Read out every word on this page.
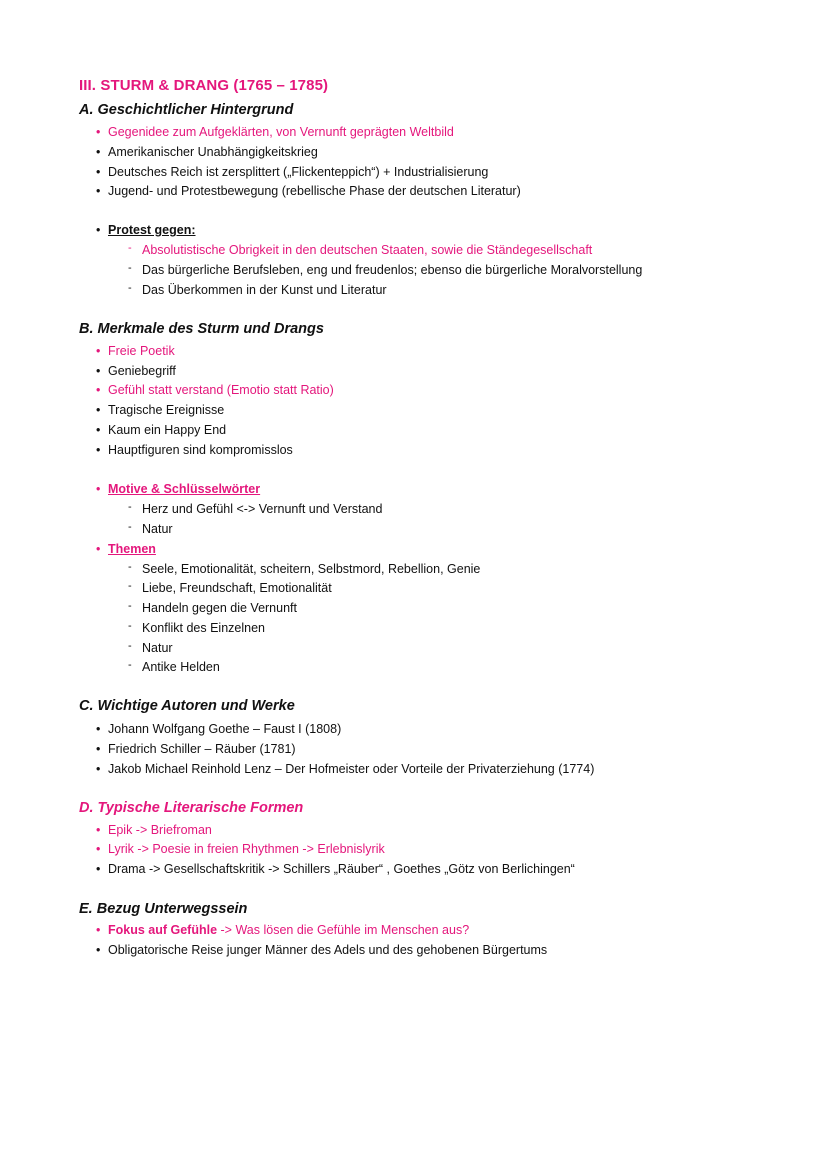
III. STURM & DRANG (1765 – 1785)
A. Geschichtlicher Hintergrund

• Gegenidee zum Aufgeklärten, von Vernunft geprägten Weltbild

• Amerikanischer Unabhängigkeitskrieg

• Deutsches Reich ist zersplittert („Flickenteppich“) + Industrialisierung

• Jugend- und Protestbewegung (rebellische Phase der deutschen Literatur)

• Protest gegen:

- Absolutistische Obrigkeit in den deutschen Staaten, sowie die Ständegesellschaft

- Das bürgerliche Berufsleben, eng und freudenlos; ebenso die bürgerliche Moralvorstellung

- Das Überkommen in der Kunst und Literatur

B. Merkmale des Sturm und Drangs

• Freie Poetik

• Geniebegriff

• Gefühl statt verstand (Emotio statt Ratio)

• Tragische Ereignisse

• Kaum ein Happy End

• Hauptfiguren sind kompromisslos

• Motive & Schlüsselwörter

- Herz und Gefühl <-> Vernunft und Verstand

- Natur

• Themen

- Seele, Emotionalität, scheitern, Selbstmord, Rebellion, Genie

- Liebe, Freundschaft, Emotionalität

- Handeln gegen die Vernunft

- Konflikt des Einzelnen

- Natur

- Antike Helden

C. Wichtige Autoren und Werke

• Johann Wolfgang Goethe – Faust I (1808)

• Friedrich Schiller – Räuber (1781)

• Jakob Michael Reinhold Lenz – Der Hofmeister oder Vorteile der Privaterziehung (1774)

D. Typische Literarische Formen

• Epik -> Briefroman

• Lyrik -> Poesie in freien Rhythmen -> Erlebnislyrik

• Drama -> Gesellschaftskritik -> Schillers „Räuber“ , Goethes „Götz von Berlichingen“

E. Bezug Unterwegssein

• Fokus auf Gefühle -> Was lösen die Gefühle im Menschen aus?

• Obligatorische Reise junger Männer des Adels und des gehobenen Bürgertums
